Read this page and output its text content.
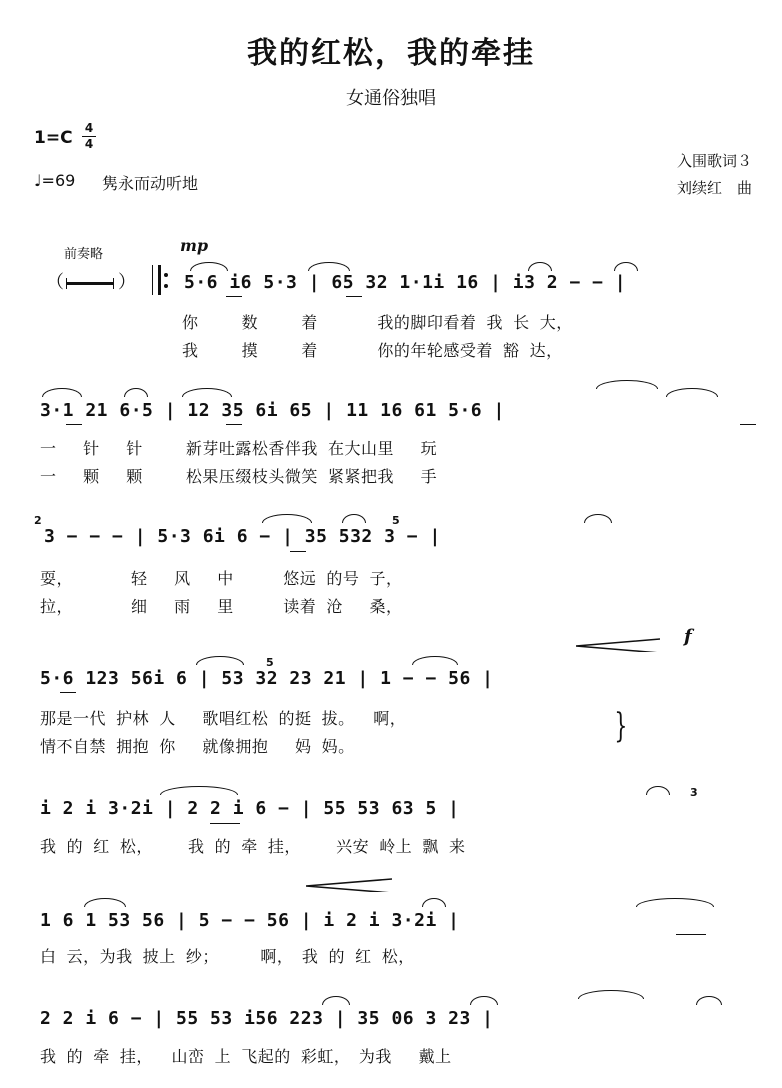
我的红松，我的牵挂
女通俗独唱
1=C 4
4
♩=69 隽永而动听地
入围歌词３
刘续红　曲
前奏略
（	）
mp
5·6 i6 5·3 | 65 32 1·1i 16 | i3 2 − − |
你　　 数　　 着　　 　我的脚印看着 我 长 大，
我　　 摸　　 着　　 　你的年轮感受着 豁 达，
3·1 21 6·5 | 12 35 6i 65 | 11 16 61 5·6 |
一　 针　 针　 　新芽吐露松香伴我 在大山里　 玩
一　 颗　 颗　 　松果压缀枝头微笑 紧紧把我　 手
2	5
3 − − − | 5·3 6i 6 − | 35 532 3 − |
耍，　　　　轻　 风　 中　　　悠远 的号 子，
拉，　　　　细　 雨　 里　　　读着 沧　 桑，
f
5
5·6 123 56i 6 | 53 32 23 21 | 1 − − 56 |
那是一代 护林 人　 歌唱红松 的挺 拔。　 啊，
情不自禁 拥抱 你　 就像拥抱 　妈 妈。
}
3
i 2 i 3·2i | 2 2 i 6 − | 55 53 63 5 |
我 的 红 松，　　 我 的 牵 挂，　　 兴安 岭上 飘 来
1 6 1 53 56 | 5 − − 56 | i 2 i 3·2i |
白 云，为我 披上 纱；　　　啊，　我 的 红 松，
2 2 i 6 − | 55 53 i56 223 | 35 06 3 23 |
我 的 牵 挂，　 山峦 上 飞起的 彩虹，　为我　 戴上
